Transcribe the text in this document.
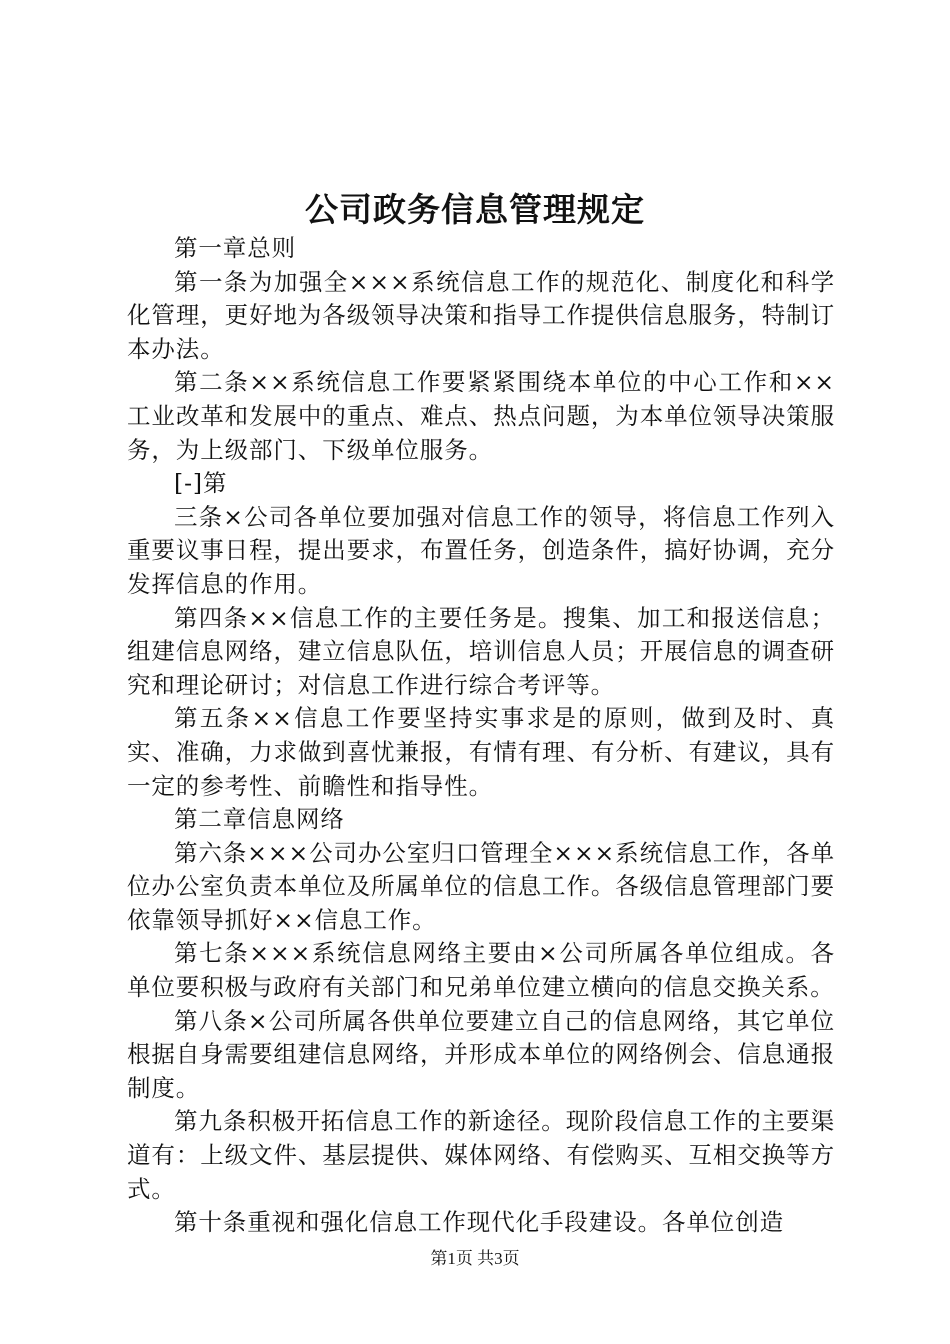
公司政务信息管理规定

第一章总则

第一条为加强全×××系统信息工作的规范化、制度化和科学化管理，更好地为各级领导决策和指导工作提供信息服务，特制订本办法。

第二条××系统信息工作要紧紧围绕本单位的中心工作和××工业改革和发展中的重点、难点、热点问题，为本单位领导决策服务，为上级部门、下级单位服务。

[-]第

三条×公司各单位要加强对信息工作的领导，将信息工作列入重要议事日程，提出要求，布置任务，创造条件，搞好协调，充分发挥信息的作用。

第四条××信息工作的主要任务是。搜集、加工和报送信息；组建信息网络，建立信息队伍，培训信息人员；开展信息的调查研究和理论研讨；对信息工作进行综合考评等。

第五条××信息工作要坚持实事求是的原则，做到及时、真实、准确，力求做到喜忧兼报，有情有理、有分析、有建议，具有一定的参考性、前瞻性和指导性。

第二章信息网络

第六条×××公司办公室归口管理全×××系统信息工作，各单位办公室负责本单位及所属单位的信息工作。各级信息管理部门要依靠领导抓好××信息工作。

第七条×××系统信息网络主要由×公司所属各单位组成。各单位要积极与政府有关部门和兄弟单位建立横向的信息交换关系。

第八条×公司所属各供单位要建立自己的信息网络，其它单位根据自身需要组建信息网络，并形成本单位的网络例会、信息通报制度。

第九条积极开拓信息工作的新途径。现阶段信息工作的主要渠道有：上级文件、基层提供、媒体网络、有偿购买、互相交换等方式。

第十条重视和强化信息工作现代化手段建设。各单位创造

第1页 共3页
